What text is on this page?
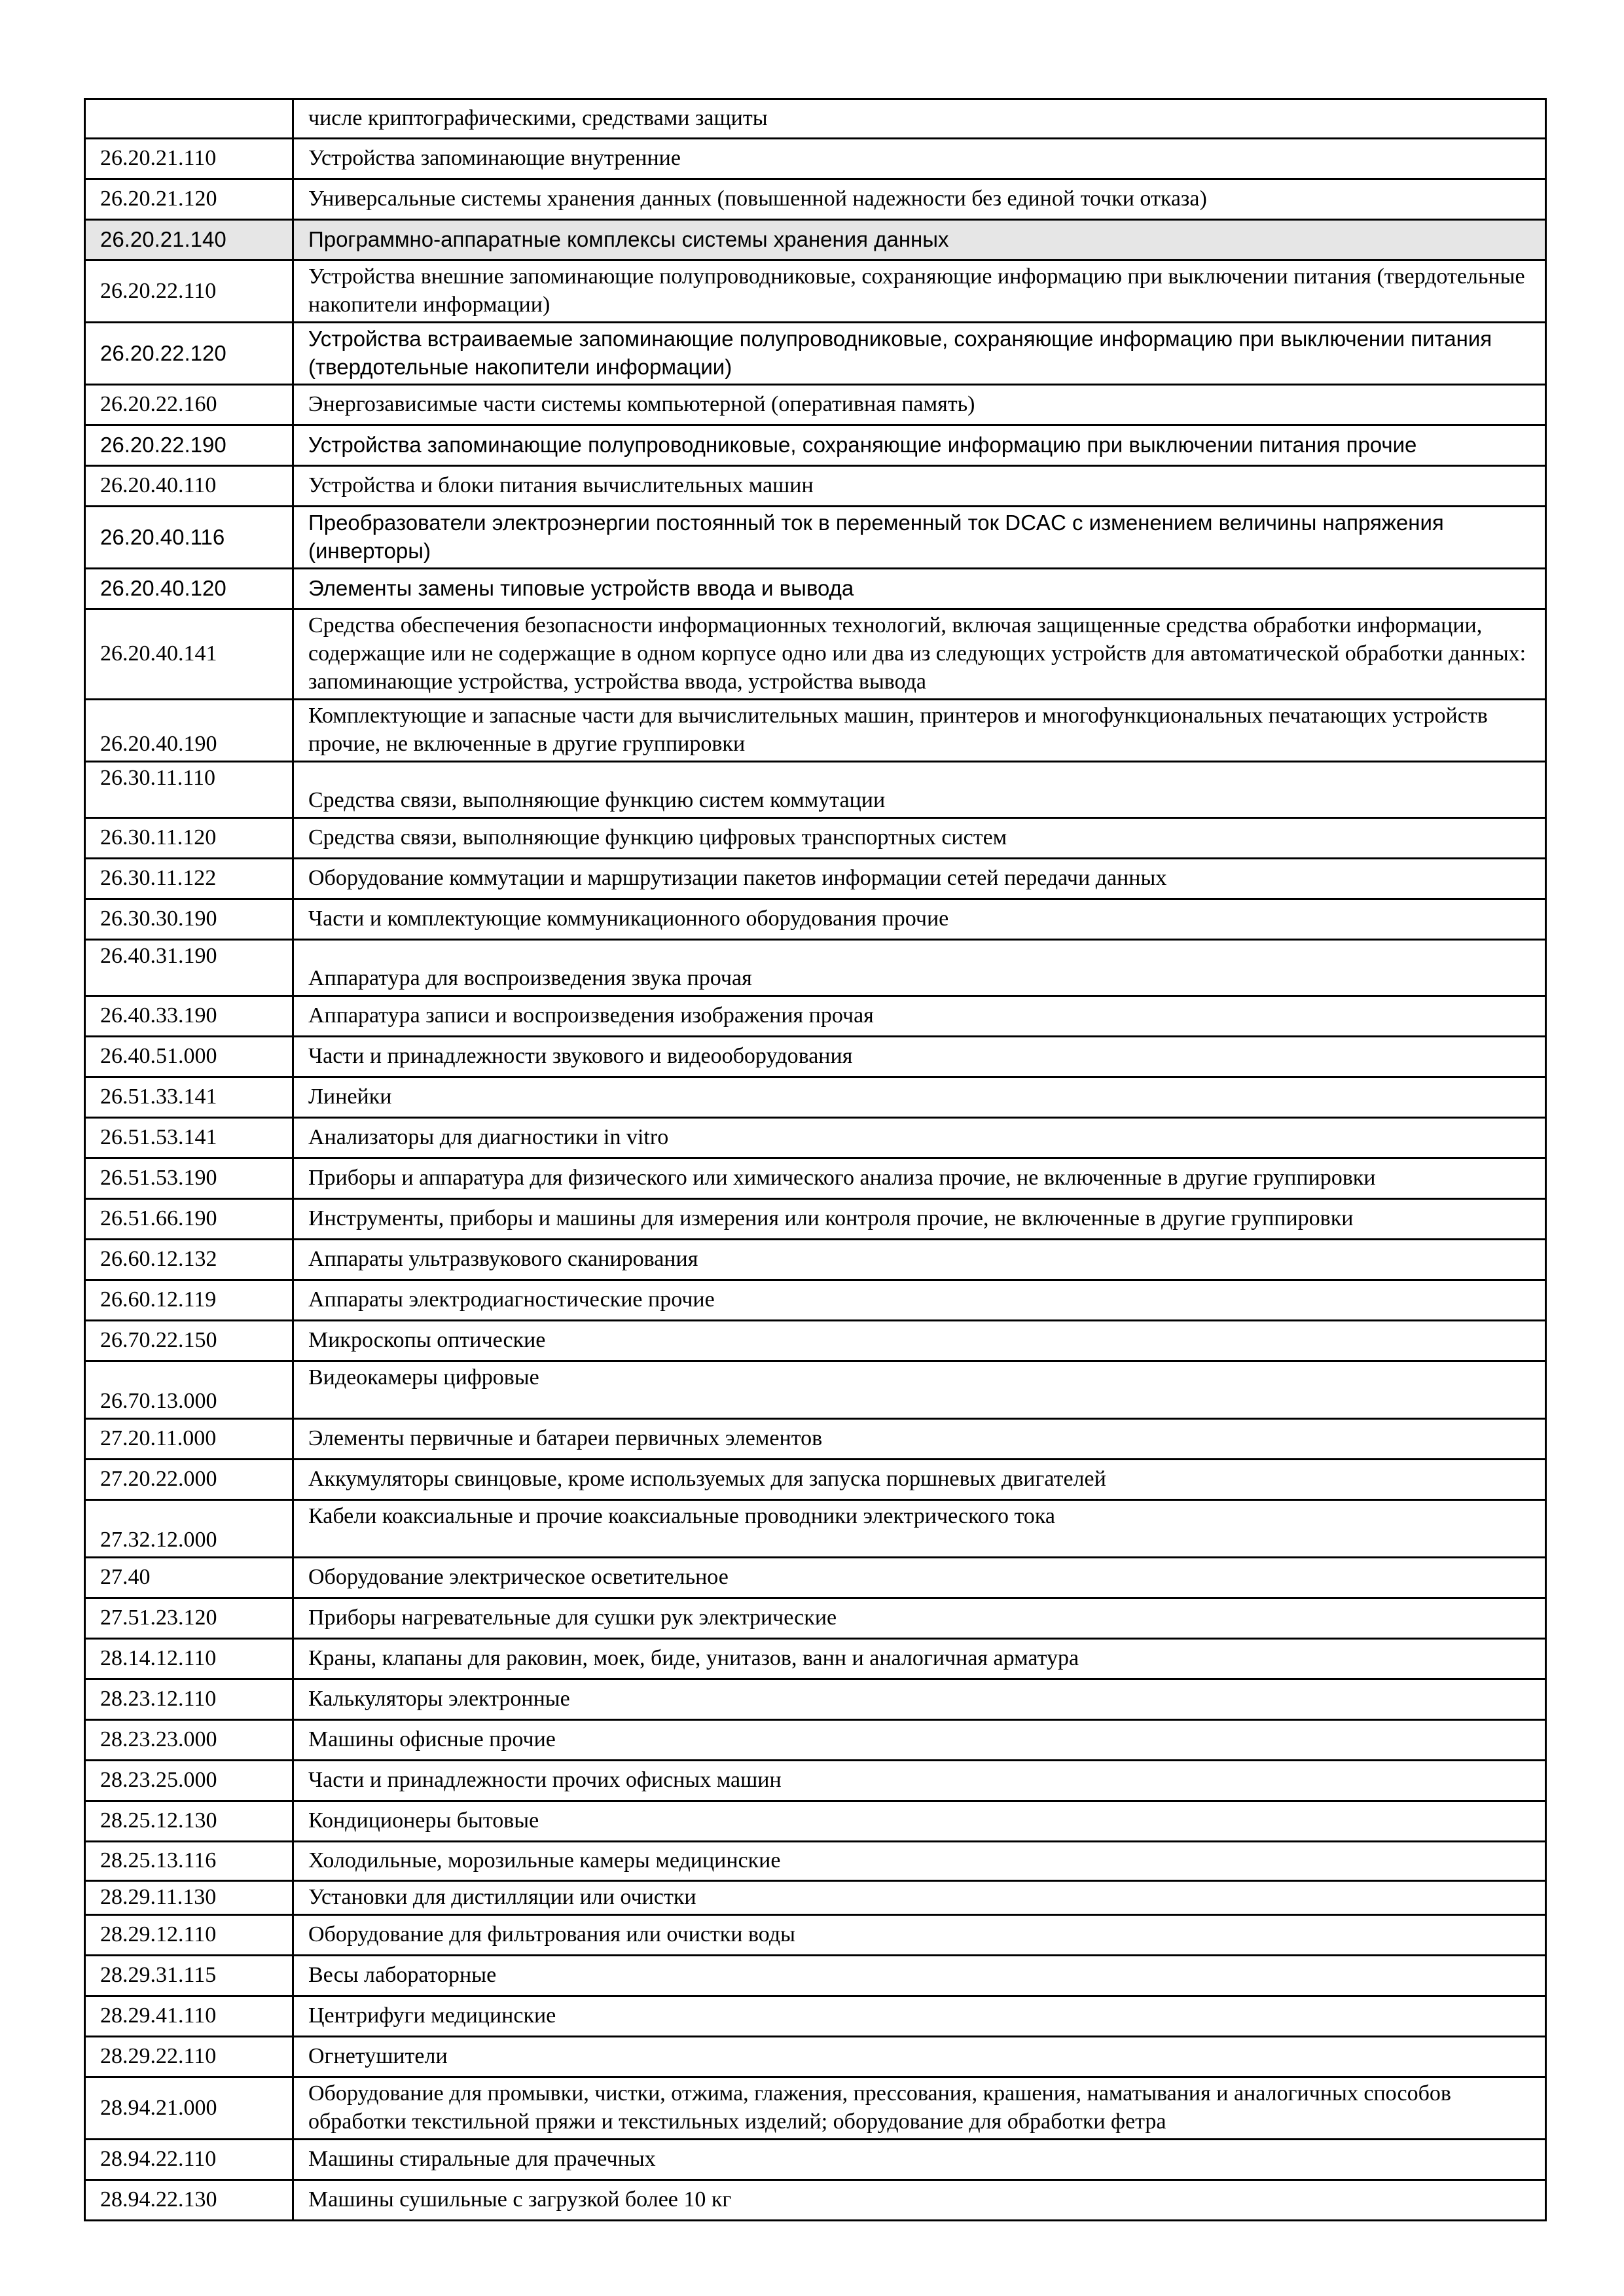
	числе криптографическими, средствами защиты
26.20.21.110	Устройства запоминающие внутренние
26.20.21.120	Универсальные системы хранения данных (повышенной надежности без единой точки отказа)
26.20.21.140	Программно-аппаратные комплексы системы хранения данных
26.20.22.110	Устройства внешние запоминающие полупроводниковые, сохраняющие информацию при выключении питания (твердотельные накопители информации)
26.20.22.120	Устройства встраиваемые запоминающие полупроводниковые, сохраняющие информацию при выключении питания (твердотельные накопители информации)
26.20.22.160	Энергозависимые части системы компьютерной (оперативная память)
26.20.22.190	Устройства запоминающие полупроводниковые, сохраняющие информацию при выключении питания прочие
26.20.40.110	Устройства и блоки питания вычислительных машин
26.20.40.116	Преобразователи электроэнергии постоянный ток в переменный ток DCAC с изменением величины напряжения (инверторы)
26.20.40.120	Элементы замены типовые устройств ввода и вывода
26.20.40.141	Средства обеспечения безопасности информационных технологий, включая защищенные средства обработки информации, содержащие или не содержащие в одном корпусе одно или два из следующих устройств для автоматической обработки данных: запоминающие устройства, устройства ввода, устройства вывода
26.20.40.190	Комплектующие и запасные части для вычислительных машин, принтеров и многофункциональных печатающих устройств прочие, не включенные в другие группировки
26.30.11.110	Средства связи, выполняющие функцию систем коммутации
26.30.11.120	Средства связи, выполняющие функцию цифровых транспортных систем
26.30.11.122	Оборудование коммутации и маршрутизации пакетов информации сетей передачи данных
26.30.30.190	Части и комплектующие коммуникационного оборудования прочие
26.40.31.190	Аппаратура для воспроизведения звука прочая
26.40.33.190	Аппаратура записи и воспроизведения изображения прочая
26.40.51.000	Части и принадлежности звукового и видеооборудования
26.51.33.141	Линейки
26.51.53.141	Анализаторы для диагностики in vitro
26.51.53.190	Приборы и аппаратура для физического или химического анализа прочие, не включенные в другие группировки
26.51.66.190	Инструменты, приборы и машины для измерения или контроля прочие, не включенные в другие группировки
26.60.12.132	Аппараты ультразвукового сканирования
26.60.12.119	Аппараты электродиагностические прочие
26.70.22.150	Микроскопы оптические
26.70.13.000	Видеокамеры цифровые
27.20.11.000	Элементы первичные и батареи первичных элементов
27.20.22.000	Аккумуляторы свинцовые, кроме используемых для запуска поршневых двигателей
27.32.12.000	Кабели коаксиальные и прочие коаксиальные проводники электрического тока
27.40	Оборудование электрическое осветительное
27.51.23.120	Приборы нагревательные для сушки рук электрические
28.14.12.110	Краны, клапаны для раковин, моек, биде, унитазов, ванн и аналогичная арматура
28.23.12.110	Калькуляторы электронные
28.23.23.000	Машины офисные прочие
28.23.25.000	Части и принадлежности прочих офисных машин
28.25.12.130	Кондиционеры бытовые
28.25.13.116	Холодильные, морозильные камеры медицинские
28.29.11.130	Установки для дистилляции или очистки
28.29.12.110	Оборудование для фильтрования или очистки воды
28.29.31.115	Весы лабораторные
28.29.41.110	Центрифуги медицинские
28.29.22.110	Огнетушители
28.94.21.000	Оборудование для промывки, чистки, отжима, глажения, прессования, крашения, наматывания и аналогичных способов обработки текстильной пряжи и текстильных изделий; оборудование для обработки фетра
28.94.22.110	Машины стиральные для прачечных
28.94.22.130	Машины сушильные с загрузкой более 10 кг
